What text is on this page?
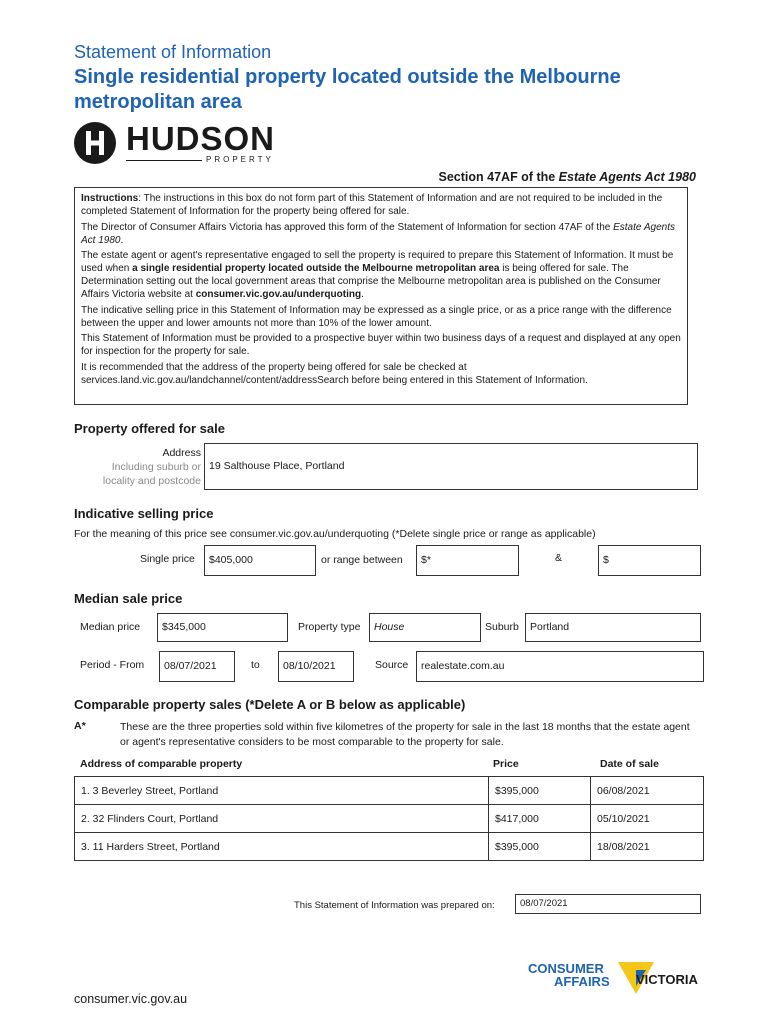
Statement of Information
Single residential property located outside the Melbourne metropolitan area
HUDSON
PROPERTY
Section 47AF of the Estate Agents Act 1980

Instructions: The instructions in this box do not form part of this Statement of Information and are not required to be included in the completed Statement of Information for the property being offered for sale.

The Director of Consumer Affairs Victoria has approved this form of the Statement of Information for section 47AF of the Estate Agents Act 1980.

The estate agent or agent's representative engaged to sell the property is required to prepare this Statement of Information. It must be used when a single residential property located outside the Melbourne metropolitan area is being offered for sale. The Determination setting out the local government areas that comprise the Melbourne metropolitan area is published on the Consumer Affairs Victoria website at consumer.vic.gov.au/underquoting.

The indicative selling price in this Statement of Information may be expressed as a single price, or as a price range with the difference between the upper and lower amounts not more than 10% of the lower amount.

This Statement of Information must be provided to a prospective buyer within two business days of a request and displayed at any open for inspection for the property for sale.

It is recommended that the address of the property being offered for sale be checked at services.land.vic.gov.au/landchannel/content/addressSearch before being entered in this Statement of Information.

Property offered for sale
Address
Including suburb or
locality and postcode
19 Salthouse Place, Portland
Indicative selling price
For the meaning of this price see consumer.vic.gov.au/underquoting (*Delete single price or range as applicable)
Single price	$405,000	or range between	$*	&	$
Median sale price
Median price	$345,000	Property type	House	Suburb	Portland
Period - From	08/07/2021	to	08/10/2021	Source	realestate.com.au
Comparable property sales (*Delete A or B below as applicable)
A*	These are the three properties sold within five kilometres of the property for sale in the last 18 months that the estate agent or agent's representative considers to be most comparable to the property for sale.
Address of comparable property	Price	Date of sale
1. 3 Beverley Street, Portland	$395,000	06/08/2021
2. 32 Flinders Court, Portland	$417,000	05/10/2021
3. 11 Harders Street, Portland	$395,000	18/08/2021
This Statement of Information was prepared on:	08/07/2021
CONSUMER
AFFAIRS VICTORIA
consumer.vic.gov.au
